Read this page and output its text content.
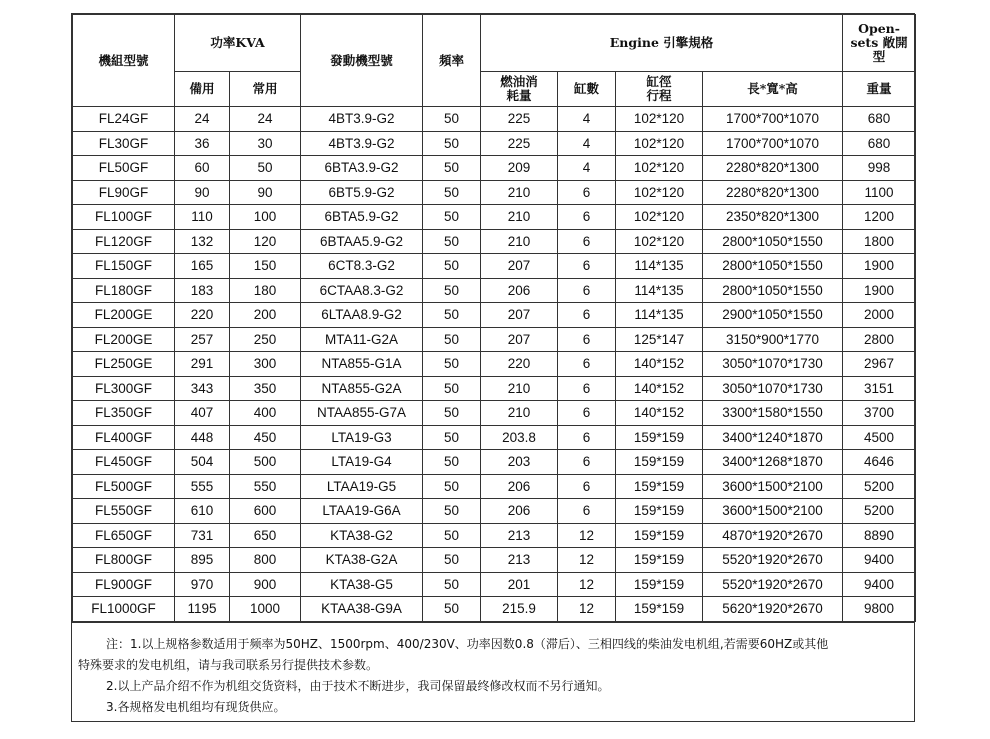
機組型號	功率KVA		發動機型號	頻率	Engine 引擎規格				Open-sets 敞開型
	備用	常用			燃油消耗量	缸數	缸徑行程	長*寬*高	重量
FL24GF	24	24	4BT3.9-G2	50	225	4	102*120	1700*700*1070	680
FL30GF	36	30	4BT3.9-G2	50	225	4	102*120	1700*700*1070	680
FL50GF	60	50	6BTA3.9-G2	50	209	4	102*120	2280*820*1300	998
FL90GF	90	90	6BT5.9-G2	50	210	6	102*120	2280*820*1300	1100
FL100GF	110	100	6BTA5.9-G2	50	210	6	102*120	2350*820*1300	1200
FL120GF	132	120	6BTAA5.9-G2	50	210	6	102*120	2800*1050*1550	1800
FL150GF	165	150	6CT8.3-G2	50	207	6	114*135	2800*1050*1550	1900
FL180GF	183	180	6CTAA8.3-G2	50	206	6	114*135	2800*1050*1550	1900
FL200GE	220	200	6LTAA8.9-G2	50	207	6	114*135	2900*1050*1550	2000
FL200GE	257	250	MTA11-G2A	50	207	6	125*147	3150*900*1770	2800
FL250GE	291	300	NTA855-G1A	50	220	6	140*152	3050*1070*1730	2967
FL300GF	343	350	NTA855-G2A	50	210	6	140*152	3050*1070*1730	3151
FL350GF	407	400	NTAA855-G7A	50	210	6	140*152	3300*1580*1550	3700
FL400GF	448	450	LTA19-G3	50	203.8	6	159*159	3400*1240*1870	4500
FL450GF	504	500	LTA19-G4	50	203	6	159*159	3400*1268*1870	4646
FL500GF	555	550	LTAA19-G5	50	206	6	159*159	3600*1500*2100	5200
FL550GF	610	600	LTAA19-G6A	50	206	6	159*159	3600*1500*2100	5200
FL650GF	731	650	KTA38-G2	50	213	12	159*159	4870*1920*2670	8890
FL800GF	895	800	KTA38-G2A	50	213	12	159*159	5520*1920*2670	9400
FL900GF	970	900	KTA38-G5	50	201	12	159*159	5520*1920*2670	9400
FL1000GF	1195	1000	KTAA38-G9A	50	215.9	12	159*159	5620*1920*2670	9800

注：1.以上规格参数适用于频率为50HZ、1500rpm、400/230V、功率因数0.8（滞后）、三相四线的柴油发电机组,若需要60HZ或其他

特殊要求的发电机组，请与我司联系另行提供技术参数。

2.以上产品介绍不作为机组交货资料，由于技术不断进步，我司保留最终修改权而不另行通知。

3.各规格发电机组均有现货供应。
